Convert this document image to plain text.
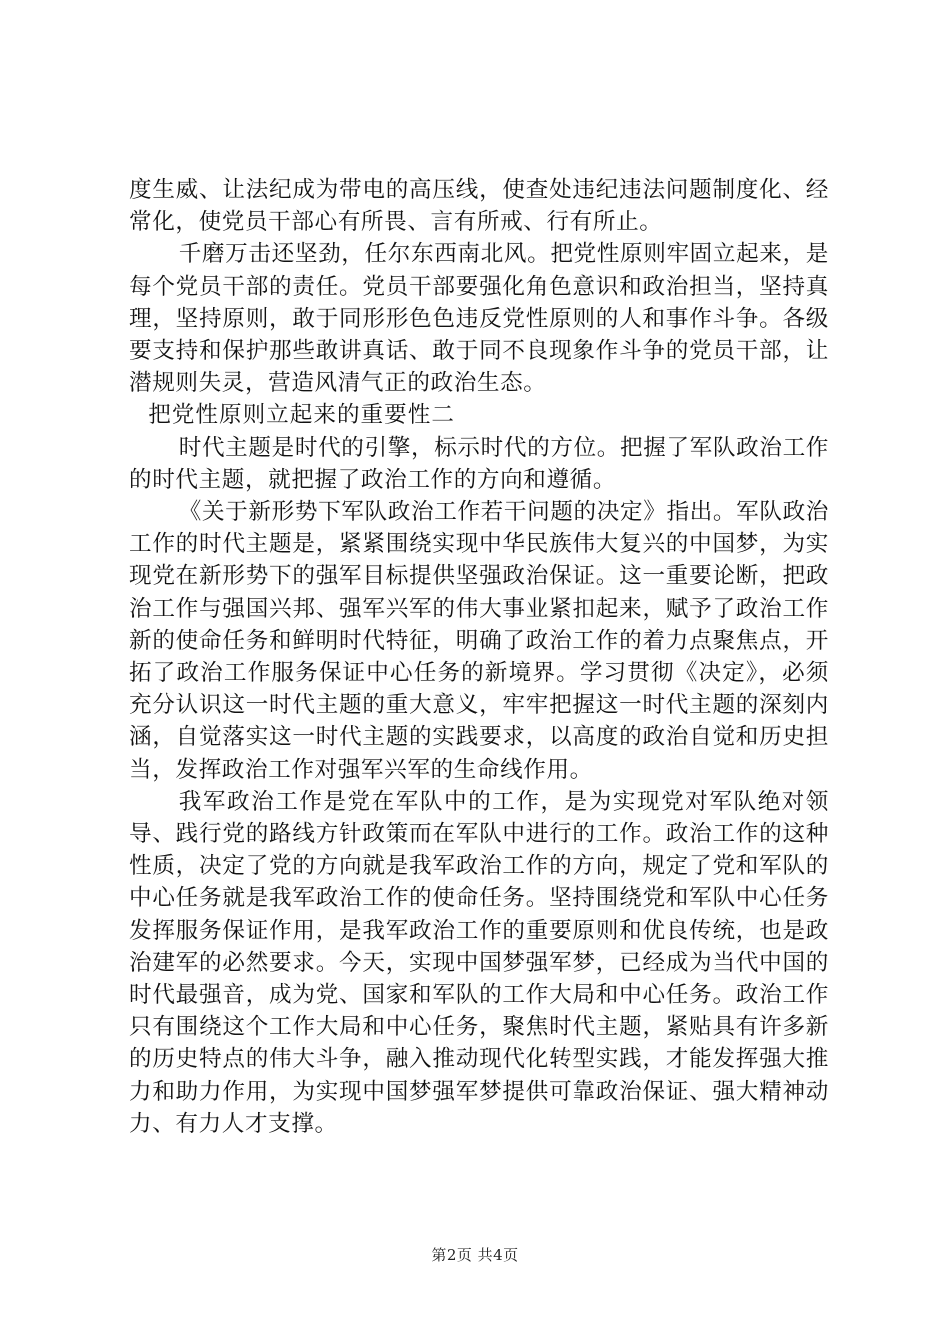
度生威、让法纪成为带电的高压线，使查处违纪违法问题制度化、经常化，使党员干部心有所畏、言有所戒、行有所止。

千磨万击还坚劲，任尔东西南北风。把党性原则牢固立起来，是每个党员干部的责任。党员干部要强化角色意识和政治担当，坚持真理，坚持原则，敢于同形形色色违反党性原则的人和事作斗争。各级要支持和保护那些敢讲真话、敢于同不良现象作斗争的党员干部，让潜规则失灵，营造风清气正的政治生态。

把党性原则立起来的重要性二

时代主题是时代的引擎，标示时代的方位。把握了军队政治工作的时代主题，就把握了政治工作的方向和遵循。

《关于新形势下军队政治工作若干问题的决定》指出。军队政治工作的时代主题是，紧紧围绕实现中华民族伟大复兴的中国梦，为实现党在新形势下的强军目标提供坚强政治保证。这一重要论断，把政治工作与强国兴邦、强军兴军的伟大事业紧扣起来，赋予了政治工作新的使命任务和鲜明时代特征，明确了政治工作的着力点聚焦点，开拓了政治工作服务保证中心任务的新境界。学习贯彻《决定》，必须充分认识这一时代主题的重大意义，牢牢把握这一时代主题的深刻内涵，自觉落实这一时代主题的实践要求，以高度的政治自觉和历史担当，发挥政治工作对强军兴军的生命线作用。

我军政治工作是党在军队中的工作，是为实现党对军队绝对领导、践行党的路线方针政策而在军队中进行的工作。政治工作的这种性质，决定了党的方向就是我军政治工作的方向，规定了党和军队的中心任务就是我军政治工作的使命任务。坚持围绕党和军队中心任务发挥服务保证作用，是我军政治工作的重要原则和优良传统，也是政治建军的必然要求。今天，实现中国梦强军梦，已经成为当代中国的时代最强音，成为党、国家和军队的工作大局和中心任务。政治工作只有围绕这个工作大局和中心任务，聚焦时代主题，紧贴具有许多新的历史特点的伟大斗争，融入推动现代化转型实践，才能发挥强大推力和助力作用，为实现中国梦强军梦提供可靠政治保证、强大精神动力、有力人才支撑。

第2页 共4页
